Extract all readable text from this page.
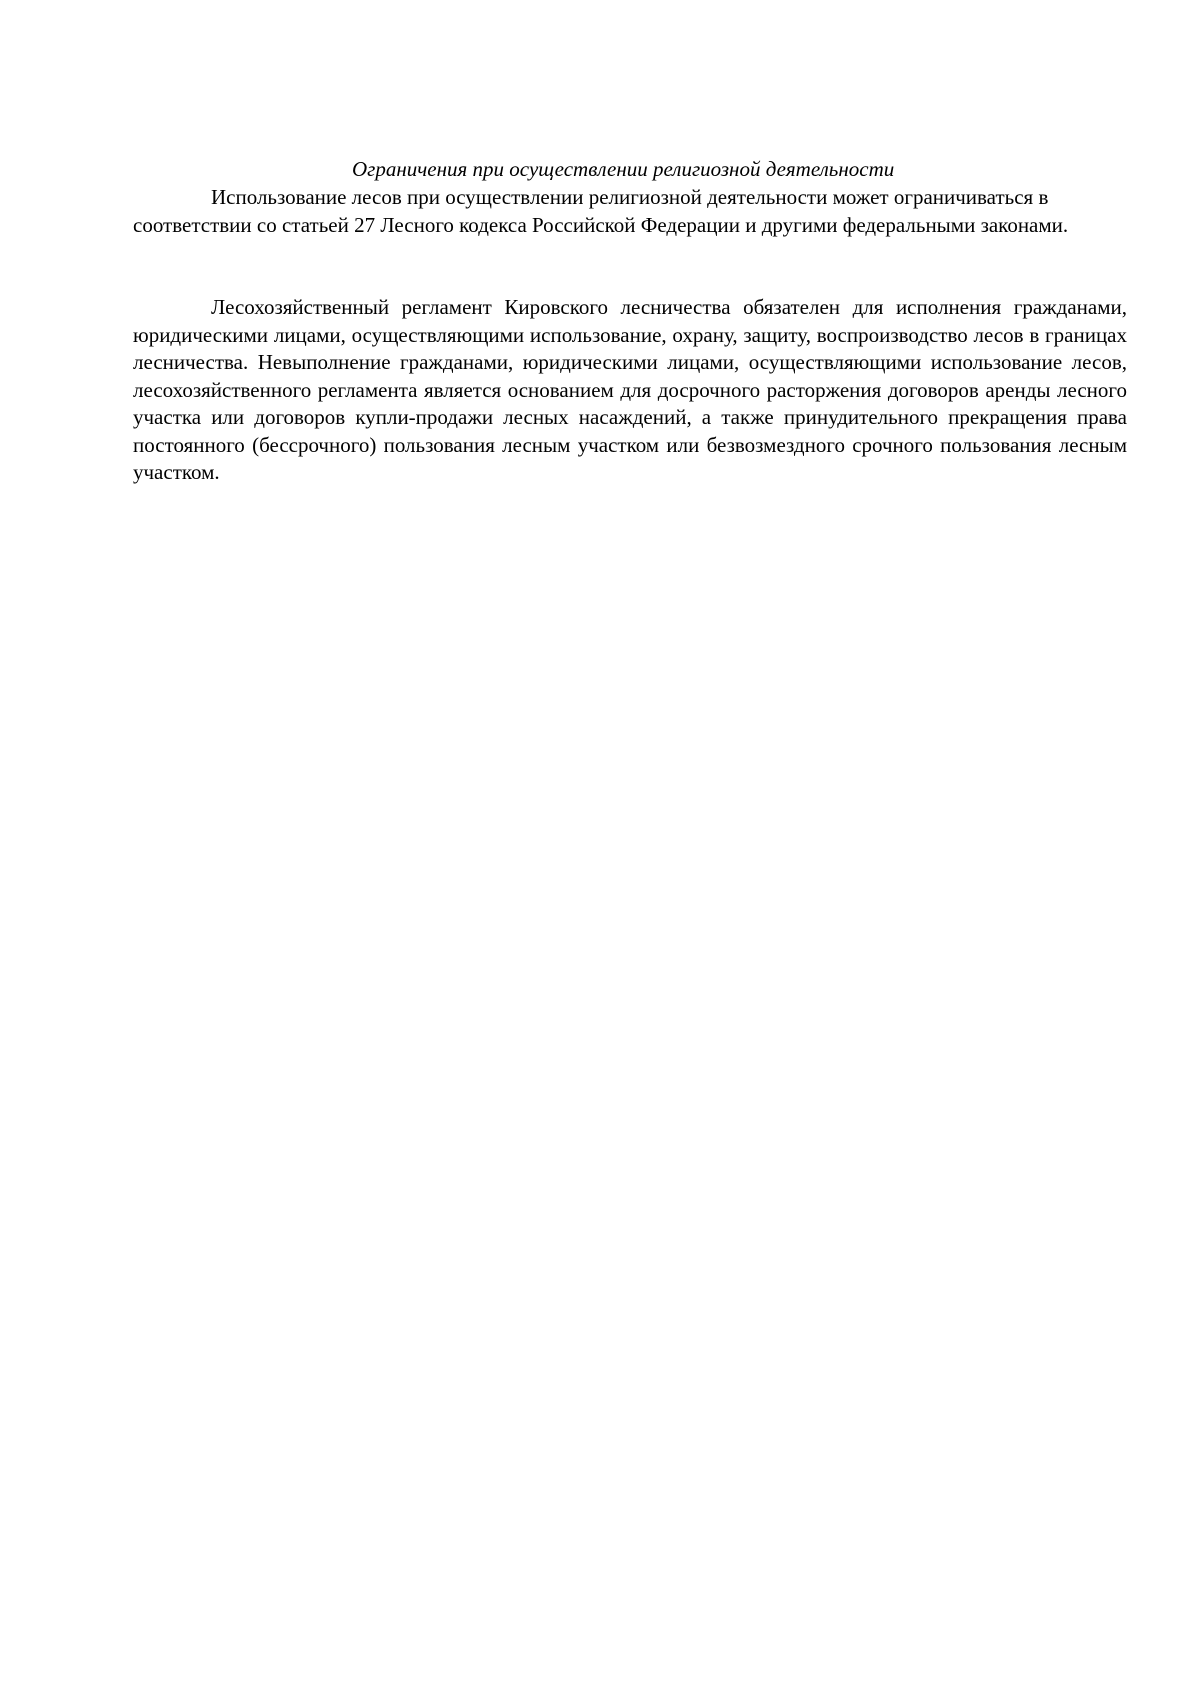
Ограничения при осуществлении религиозной деятельности

Использование лесов при осуществлении религиозной деятельности может ограничиваться в соответствии со статьей 27 Лесного кодекса Российской Федерации и другими федеральными законами.

Лесохозяйственный регламент Кировского лесничества обязателен для исполнения гражданами, юридическими лицами, осуществляющими использование, охрану, защиту, воспроизводство лесов в границах лесничества. Невыполнение гражданами, юридическими лицами, осуществляющими использование лесов, лесохозяйственного регламента является основанием для досрочного расторжения договоров аренды лесного участка или договоров купли-продажи лесных насаждений, а также принудительного прекращения права постоянного (бессрочного) пользования лесным участком или безвозмездного срочного пользования лесным участком.
